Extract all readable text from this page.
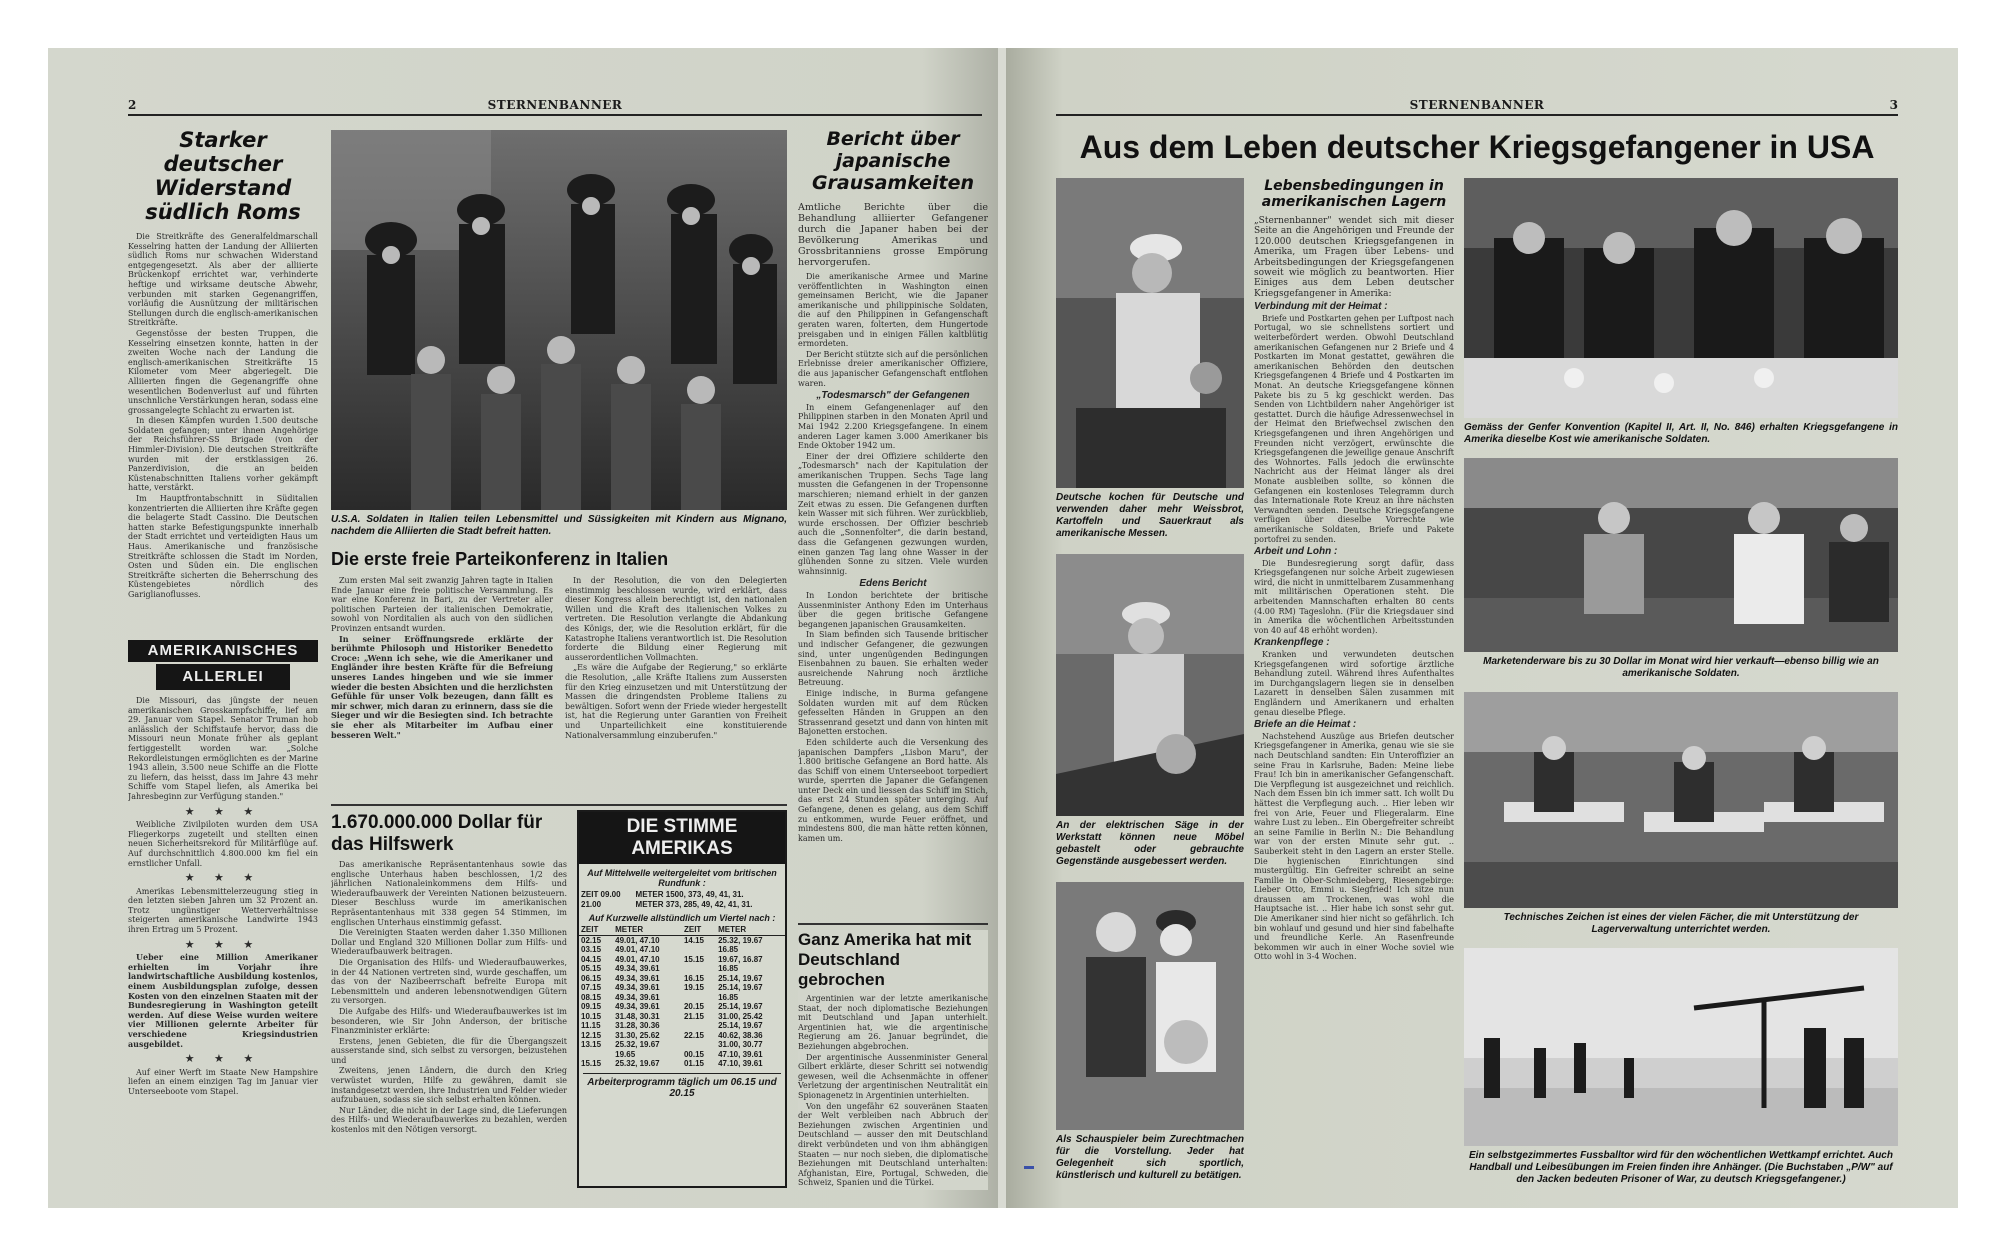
2	STERNENBANNER
Starker deutscher Widerstand südlich Roms

Die Streitkräfte des Generalfeldmarschall Kesselring hatten der Landung der Alliierten südlich Roms nur schwachen Widerstand entgegengesetzt. Als aber der alliierte Brückenkopf errichtet war, verhinderte heftige und wirksame deutsche Abwehr, verbunden mit starken Gegenangriffen, vorläufig die Ausnützung der militärischen Stellungen durch die englisch-amerikanischen Streitkräfte.

Gegenstösse der besten Truppen, die Kesselring einsetzen konnte, hatten in der zweiten Woche nach der Landung die englisch-amerikanischen Streitkräfte 15 Kilometer vom Meer abgeriegelt. Die Alliierten fingen die Gegenangriffe ohne wesentlichen Bodenverlust auf und führten unschnliche Verstärkungen heran, sodass eine grossangelegte Schlacht zu erwarten ist.

In diesen Kämpfen wurden 1.500 deutsche Soldaten gefangen; unter ihnen Angehörige der Reichsführer-SS Brigade (von der Himmler-Division). Die deutschen Streitkräfte wurden mit der erstklassigen 26. Panzerdivision, die an beiden Küstenabschnitten Italiens vorher gekämpft hatte, verstärkt.

Im Hauptfrontabschnitt in Süditalien konzentrierten die Alliierten ihre Kräfte gegen die belagerte Stadt Cassino. Die Deutschen hatten starke Befestigungspunkte innerhalb der Stadt errichtet und verteidigten Haus um Haus. Amerikanische und französische Streitkräfte schlossen die Stadt im Norden, Osten und Süden ein. Die englischen Streitkräfte sicherten die Beherrschung des Küstengebietes nördlich des Gariglianoflusses.

AMERIKANISCHES
ALLERLEI

Die Missouri, das jüngste der neuen amerikanischen Grosskampfschiffe, lief am 29. Januar vom Stapel. Senator Truman hob anlässlich der Schiffstaufe hervor, dass die Missouri neun Monate früher als geplant fertiggestellt worden war. „Solche Rekordleistungen ermöglichten es der Marine 1943 allein, 3.500 neue Schiffe an die Flotte zu liefern, das heisst, dass im Jahre 43 mehr Schiffe vom Stapel liefen, als Amerika bei Jahresbeginn zur Verfügung standen."

★ ★ ★

Weibliche Zivilpiloten wurden dem USA Fliegerkorps zugeteilt und stellten einen neuen Sicherheitsrekord für Militärflüge auf. Auf durchschnittlich 4.800.000 km fiel ein ernstlicher Unfall.

★ ★ ★

Amerikas Lebensmittelerzeugung stieg in den letzten sieben Jahren um 32 Prozent an. Trotz ungünstiger Wetterverhältnisse steigerten amerikanische Landwirte 1943 ihren Ertrag um 5 Prozent.

★ ★ ★

Ueber eine Million Amerikaner erhielten im Vorjahr ihre landwirtschaftliche Ausbildung kostenlos, einem Ausbildungsplan zufolge, dessen Kosten von den einzelnen Staaten mit der Bundesregierung in Washington geteilt werden. Auf diese Weise wurden weitere vier Millionen gelernte Arbeiter für verschiedene Kriegsindustrien ausgebildet.

★ ★ ★

Auf einer Werft im Staate New Hampshire liefen an einem einzigen Tag im Januar vier Unterseeboote vom Stapel.

U.S.A. Soldaten in Italien teilen Lebensmittel und Süssigkeiten mit Kindern aus Mignano, nachdem die Alliierten die Stadt befreit hatten.
Die erste freie Parteikonferenz in Italien

Zum ersten Mal seit zwanzig Jahren tagte in Italien Ende Januar eine freie politische Versammlung. Es war eine Konferenz in Bari, zu der Vertreter aller politischen Parteien der italienischen Demokratie, sowohl von Norditalien als auch von den südlichen Provinzen entsandt wurden.

In seiner Eröffnungsrede erklärte der berühmte Philosoph und Historiker Benedetto Croce: „Wenn ich sehe, wie die Amerikaner und Engländer ihre besten Kräfte für die Befreiung unseres Landes hingeben und wie sie immer wieder die besten Absichten und die herzlichsten Gefühle für unser Volk bezeugen, dann fällt es mir schwer, mich daran zu erinnern, dass sie die Sieger und wir die Besiegten sind. Ich betrachte sie eher als Mitarbeiter im Aufbau einer besseren Welt."

In der Resolution, die von den Delegierten einstimmig beschlossen wurde, wird erklärt, dass dieser Kongress allein berechtigt ist, den nationalen Willen und die Kraft des italienischen Volkes zu vertreten. Die Resolution verlangte die Abdankung des Königs, der, wie die Resolution erklärt, für die Katastrophe Italiens verantwortlich ist. Die Resolution forderte die Bildung einer Regierung mit ausserordentlichen Vollmachten.

„Es wäre die Aufgabe der Regierung," so erklärte die Resolution, „alle Kräfte Italiens zum Aussersten für den Krieg einzusetzen und mit Unterstützung der Massen die dringendsten Probleme Italiens zu bewältigen. Sofort wenn der Friede wieder hergestellt ist, hat die Regierung unter Garantien von Freiheit und Unparteilichkeit eine konstituierende Nationalversammlung einzuberufen."

1.670.000.000 Dollar für das Hilfswerk

Das amerikanische Repräsentantenhaus sowie das englische Unterhaus haben beschlossen, 1/2 des jährlichen Nationaleinkommens dem Hilfs- und Wiederaufbauwerk der Vereinten Nationen beizusteuern. Dieser Beschluss wurde im amerikanischen Repräsentantenhaus mit 338 gegen 54 Stimmen, im englischen Unterhaus einstimmig gefasst.

Die Vereinigten Staaten werden daher 1.350 Millionen Dollar und England 320 Millionen Dollar zum Hilfs- und Wiederaufbauwerk beitragen.

Die Organisation des Hilfs- und Wiederaufbauwerkes, in der 44 Nationen vertreten sind, wurde geschaffen, um das von der Nazibeerrschaft befreite Europa mit Lebensmitteln und anderen lebensnotwendigen Gütern zu versorgen.

Die Aufgabe des Hilfs- und Wiederaufbauwerkes ist im besonderen, wie Sir John Anderson, der britische Finanzminister erklärte:

Erstens, jenen Gebieten, die für die Übergangszeit ausserstande sind, sich selbst zu versorgen, beizustehen und

Zweitens, jenen Ländern, die durch den Krieg verwüstet wurden, Hilfe zu gewähren, damit sie instandgesetzt werden, ihre Industrien und Felder wieder aufzubauen, sodass sie sich selbst erhalten können.

Nur Länder, die nicht in der Lage sind, die Lieferungen des Hilfs- und Wiederaufbauwerkes zu bezahlen, werden kostenlos mit den Nötigen versorgt.

DIE STIMME
AMERIKAS
Auf Mittelwelle weitergeleitet vom britischen Rundfunk :
ZEIT 09.00	METER 1500, 373, 49, 41, 31.
21.00	METER 373, 285, 49, 42, 41, 31.
Auf Kurzwelle allstündlich um Viertel nach :
ZEIT	METER	ZEIT	METER
02.15	49.01, 47.10	14.15	25.32, 19.67
03.15	49.01, 47.10		16.85
04.15	49.01, 47.10	15.15	19.67, 16.87
05.15	49.34, 39.61		16.85
06.15	49.34, 39.61	16.15	25.14, 19.67
07.15	49.34, 39.61	19.15	25.14, 19.67
08.15	49.34, 39.61		16.85
09.15	49.34, 39.61	20.15	25.14, 19.67
10.15	31.48, 30.31	21.15	31.00, 25.42
11.15	31.28, 30.36		25.14, 19.67
12.15	31.30, 25.62	22.15	40.62, 38.36
13.15	25.32, 19.67		31.00, 30.77
	19.65	00.15	47.10, 39.61
15.15	25.32, 19.67	01.15	47.10, 39.61
Arbeiterprogramm täglich um 06.15 und 20.15
Bericht über japanische Grausamkeiten
Amtliche Berichte über die Behandlung alliierter Gefangener durch die Japaner haben bei der Bevölkerung Amerikas und Grossbritanniens grosse Empörung hervorgerufen.

Die amerikanische Armee und Marine veröffentlichten in Washington einen gemeinsamen Bericht, wie die Japaner amerikanische und philippinische Soldaten, die auf den Philippinen in Gefangenschaft geraten waren, folterten, dem Hungertode preisgaben und in einigen Fällen kaltblütig ermordeten.

Der Bericht stützte sich auf die persönlichen Erlebnisse dreier amerikanischer Offiziere, die aus japanischer Gefangenschaft entflohen waren.

„Todesmarsch" der Gefangenen

In einem Gefangenenlager auf den Philippinen starben in den Monaten April und Mai 1942 2.200 Kriegsgefangene. In einem anderen Lager kamen 3.000 Amerikaner bis Ende Oktober 1942 um.

Einer der drei Offiziere schilderte den „Todesmarsch" nach der Kapitulation der amerikanischen Truppen. Sechs Tage lang mussten die Gefangenen in der Tropensonne marschieren; niemand erhielt in der ganzen Zeit etwas zu essen. Die Gefangenen durften kein Wasser mit sich führen. Wer zurückblieb, wurde erschossen. Der Offizier beschrieb auch die „Sonnenfolter", die darin bestand, dass die Gefangenen gezwungen wurden, einen ganzen Tag lang ohne Wasser in der glühenden Sonne zu sitzen. Viele wurden wahnsinnig.

Edens Bericht

In London berichtete der britische Aussenminister Anthony Eden im Unterhaus über die gegen britische Gefangene begangenen japanischen Grausamkeiten.

In Siam befinden sich Tausende britischer und indischer Gefangener, die gezwungen sind, unter ungenügenden Bedingungen Eisenbahnen zu bauen. Sie erhalten weder ausreichende Nahrung noch ärztliche Betreuung.

Einige indische, in Burma gefangene Soldaten wurden mit auf dem Rücken gefesselten Händen in Gruppen an den Strassenrand gesetzt und dann von hinten mit Bajonetten erstochen.

Eden schilderte auch die Versenkung des japanischen Dampfers „Lisbon Maru", der 1.800 britische Gefangene an Bord hatte. Als das Schiff von einem Unterseeboot torpediert wurde, sperrten die Japaner die Gefangenen unter Deck ein und liessen das Schiff im Stich, das erst 24 Stunden später unterging. Auf Gefangene, denen es gelang, aus dem Schiff zu entkommen, wurde Feuer eröffnet, und mindestens 800, die man hätte retten können, kamen um.

Ganz Amerika hat mit Deutschland gebrochen

Argentinien war der letzte amerikanische Staat, der noch diplomatische Beziehungen mit Deutschland und Japan unterhielt. Argentinien hat, wie die argentinische Regierung am 26. Januar begründet, die Beziehungen abgebrochen.

Der argentinische Aussenminister General Gilbert erklärte, dieser Schritt sei notwendig gewesen, weil die Achsenmächte in offener Verletzung der argentinischen Neutralität ein Spionagenetz in Argentinien unterhielten.

Von den ungefähr 62 souveränen Staaten der Welt verbleiben nach Abbruch der Beziehungen zwischen Argentinien und Deutschland — ausser den mit Deutschland direkt verbündeten und von ihm abhängigen Staaten — nur noch sieben, die diplomatische Beziehungen mit Deutschland unterhalten: Afghanistan, Eire, Portugal, Schweden, die Schweiz, Spanien und die Türkei.

STERNENBANNER	3
Aus dem Leben deutscher Kriegsgefangener in USA
Deutsche kochen für Deutsche und verwenden daher mehr Weissbrot, Kartoffeln und Sauerkraut als amerikanische Messen.
An der elektrischen Säge in der Werkstatt können neue Möbel gebastelt oder gebrauchte Gegenstände ausgebessert werden.
Als Schauspieler beim Zurechtmachen für die Vorstellung. Jeder hat Gelegenheit sich sportlich, künstlerisch und kulturell zu betätigen.
Lebensbedingungen in amerikanischen Lagern
„Sternenbanner" wendet sich mit dieser Seite an die Angehörigen und Freunde der 120.000 deutschen Kriegsgefangenen in Amerika, um Fragen über Lebens- und Arbeitsbedingungen der Kriegsgefangenen soweit wie möglich zu beantworten. Hier Einiges aus dem Leben deutscher Kriegsgefangener in Amerika:
Verbindung mit der Heimat :

Briefe und Postkarten gehen per Luftpost nach Portugal, wo sie schnellstens sortiert und weiterbefördert werden. Obwohl Deutschland amerikanischen Gefangenen nur 2 Briefe und 4 Postkarten im Monat gestattet, gewähren die amerikanischen Behörden den deutschen Kriegsgefangenen 4 Briefe und 4 Postkarten im Monat. An deutsche Kriegsgefangene können Pakete bis zu 5 kg geschickt werden. Das Senden von Lichtbildern naher Angehöriger ist gestattet. Durch die häufige Adressenwechsel in der Heimat den Briefwechsel zwischen den Kriegsgefangenen und ihren Angehörigen und Freunden nicht verzögert, erwünschte die Kriegsgefangenen die jeweilige genaue Anschrift des Wohnortes. Falls jedoch die erwünschte Nachricht aus der Heimat länger als drei Monate ausbleiben sollte, so können die Gefangenen ein kostenloses Telegramm durch das Internationale Rote Kreuz an ihre nächsten Verwandten senden. Deutsche Kriegsgefangene verfügen über dieselbe Vorrechte wie amerikanische Soldaten, Briefe und Pakete portofrei zu senden.

Arbeit und Lohn :

Die Bundesregierung sorgt dafür, dass Kriegsgefangenen nur solche Arbeit zugewiesen wird, die nicht in unmittelbarem Zusammenhang mit militärischen Operationen steht. Die arbeitenden Mannschaften erhalten 80 cents (4.00 RM) Tageslohn. (Für die Kriegsdauer sind in Amerika die wöchentlichen Arbeitsstunden von 40 auf 48 erhöht worden).

Krankenpflege :

Kranken und verwundeten deutschen Kriegsgefangenen wird sofortige ärztliche Behandlung zuteil. Während ihres Aufenthaltes im Durchgangslagern liegen sie in denselben Lazarett in denselben Sälen zusammen mit Engländern und Amerikanern und erhalten genau dieselbe Pflege.

Briefe an die Heimat :

Nachstehend Auszüge aus Briefen deutscher Kriegsgefangener in Amerika, genau wie sie sie nach Deutschland sandten: Ein Unteroffizier an seine Frau in Karlsruhe, Baden: Meine liebe Frau! Ich bin in amerikanischer Gefangenschaft. Die Verpflegung ist ausgezeichnet und reichlich. Nach dem Essen bin ich immer satt. Ich wollt Du hättest die Verpflegung auch. .. Hier leben wir frei von Arie, Feuer und Fliegeralarm. Eine wahre Lust zu leben.. Ein Obergefreiter schreibt an seine Familie in Berlin N.: Die Behandlung war von der ersten Minute sehr gut. .. Sauberkeit steht in den Lagern an erster Stelle. Die hygienischen Einrichtungen sind mustergültig. Ein Gefreiter schreibt an seine Familie in Ober-Schmiedeberg, Riesengebirge: Lieber Otto, Emmi u. Siegfried! Ich sitze nun draussen am Trockenen, was wohl die Hauptsache ist. .. Hier habe ich sonst sehr gut. Die Amerikaner sind hier nicht so gefährlich. Ich bin wohlauf und gesund und hier sind fabelhafte und freundliche Kerle. An Rasenfreunde bekommen wir auch in einer Woche soviel wie Otto wohl in 3-4 Wochen.

Gemäss der Genfer Konvention (Kapitel II, Art. II, No. 846) erhalten Kriegsgefangene in Amerika dieselbe Kost wie amerikanische Soldaten.
Marketenderware bis zu 30 Dollar im Monat wird hier verkauft—ebenso billig wie an amerikanische Soldaten.
Technisches Zeichen ist eines der vielen Fächer, die mit Unterstützung der Lagerverwaltung unterrichtet werden.
Ein selbstgezimmertes Fussballtor wird für den wöchentlichen Wettkampf errichtet. Auch Handball und Leibesübungen im Freien finden ihre Anhänger. (Die Buchstaben „P/W" auf den Jacken bedeuten Prisoner of War, zu deutsch Kriegsgefangener.)
